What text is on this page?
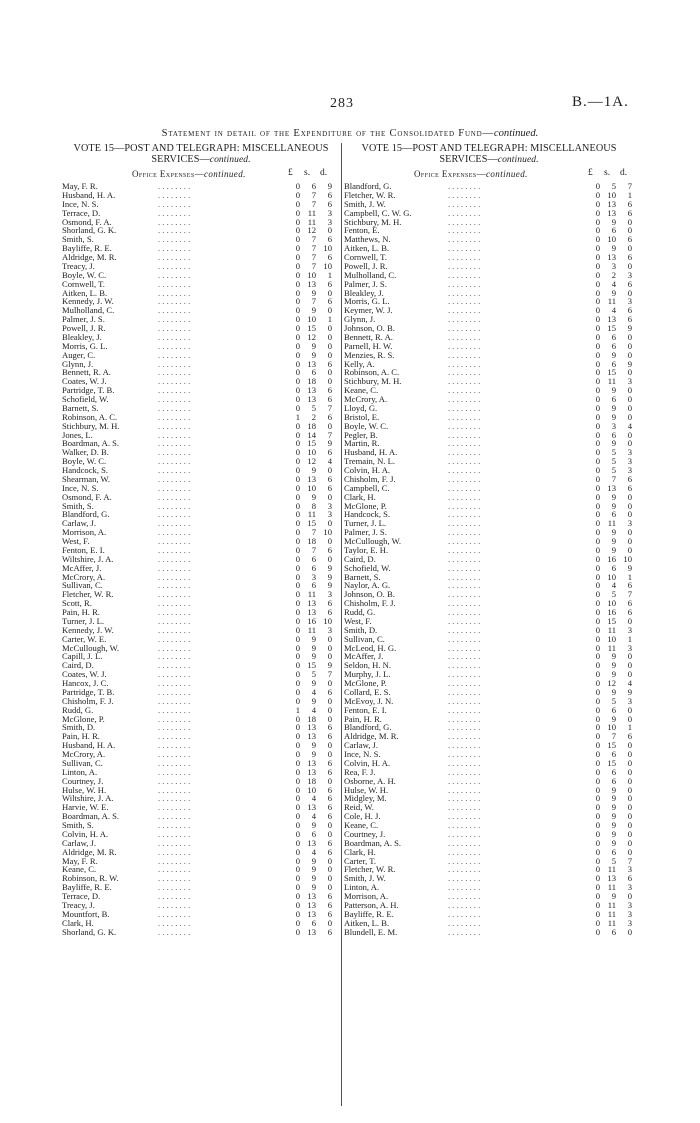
283	B.—1A.
Statement in detail of the Expenditure of the Consolidated Fund—continued.
VOTE 15—POST AND TELEGRAPH: MISCELLANEOUS SERVICES—continued.
Office Expenses—continued.	£ s. d.
May, F. R.	0	6	9
. . . . . . . .
Husband, H. A.	0	7	6
. . . . . . . .
Ince, N. S.	0	7	6
. . . . . . . .
Terrace, D.	0 11	3
. . . . . . . .
Osmond, F. A.	0 11	3
. . . . . . . .
Shorland, G. K.	0 12	0
. . . . . . . .
Smith, S.	0	7	6
. . . . . . . .
Bayliffe, R. E.	0	7 10
. . . . . . . .
Aldridge, M. R.	0	7	6
. . . . . . . .
Treacy, J.	0	7 10
. . . . . . . .
Boyle, W. C.	0 10	1
. . . . . . . .
Cornwell, T.	0 13	6
. . . . . . . .
Aitken, L. B.	0	9	0
. . . . . . . .
Kennedy, J. W.	0	7	6
. . . . . . . .
Mulholland, C.	0	9	0
. . . . . . . .
Palmer, J. S.	0 10	1
. . . . . . . .
Powell, J. R.	0 15	0
. . . . . . . .
Bleakley, J.	0 12	0
. . . . . . . .
Morris, G. L.	0	9	0
. . . . . . . .
Auger, C.	0	9	0
. . . . . . . .
Glynn, J.	0 13	6
. . . . . . . .
Bennett, R. A.	0	6	0
. . . . . . . .
Coates, W. J.	0 18	0
. . . . . . . .
Partridge, T. B.	0 13	6
. . . . . . . .
Schofield, W.	0 13	6
. . . . . . . .
Barnett, S.	0	5	7
. . . . . . . .
Robinson, A. C.	1	2	6
. . . . . . . .
Stichbury, M. H.	0 18	0
. . . . . . . .
Jones, L.	0 14	7
. . . . . . . .
Boardman, A. S.	0 15	9
. . . . . . . .
Walker, D. B.	0 10	6
. . . . . . . .
Boyle, W. C.	0 12	4
. . . . . . . .
Handcock, S.	0	9	0
. . . . . . . .
Shearman, W.	0 13	6
. . . . . . . .
Ince, N. S.	0 10	6
. . . . . . . .
Osmond, F. A.	0	9	0
. . . . . . . .
Smith, S.	0	8	3
. . . . . . . .
Blandford, G.	0 11	3
. . . . . . . .
Carlaw, J.	0 15	0
. . . . . . . .
Morrison, A.	0	7 10
. . . . . . . .
West, F.	0 18	0
. . . . . . . .
Fenton, E. I.	0	7	6
. . . . . . . .
Wiltshire, J. A.	0	6	0
. . . . . . . .
McAffer, J.	0	6	9
. . . . . . . .
McCrory, A.	0	3	9
. . . . . . . .
Sullivan, C.	0	6	9
. . . . . . . .
Fletcher, W. R.	0 11	3
. . . . . . . .
Scott, R.	0 13	6
. . . . . . . .
Pain, H. R.	0 13	6
. . . . . . . .
Turner, J. L.	0 16 10
. . . . . . . .
Kennedy, J. W.	0 11	3
. . . . . . . .
Carter, W. E.	0	9	0
. . . . . . . .
McCullough, W.	0	9	0
. . . . . . . .
Capill, J. L.	0	9	0
. . . . . . . .
Caird, D.	0 15	9
. . . . . . . .
Coates, W. J.	0	5	7
. . . . . . . .
Hancox, J. C.	0	9	0
. . . . . . . .
Partridge, T. B.	0	4	6
. . . . . . . .
Chisholm, F. J.	0	9	0
. . . . . . . .
Rudd, G.	1	4	0
. . . . . . . .
McGlone, P.	0 18	0
. . . . . . . .
Smith, D.	0 13	6
. . . . . . . .
Pain, H. R.	0 13	6
. . . . . . . .
Husband, H. A.	0	9	0
. . . . . . . .
McCrory, A.	0	9	0
. . . . . . . .
Sullivan, C.	0 13	6
. . . . . . . .
Linton, A.	0 13	6
. . . . . . . .
Courtney, J.	0 18	0
. . . . . . . .
Hulse, W. H.	0 10	6
. . . . . . . .
Wiltshire, J. A.	0	4	6
. . . . . . . .
Harvie, W. E.	0 13	6
. . . . . . . .
Boardman, A. S.	0	4	6
. . . . . . . .
Smith, S.	0	9	0
. . . . . . . .
Colvin, H. A.	0	6	0
. . . . . . . .
Carlaw, J.	0 13	6
. . . . . . . .
Aldridge, M. R.	0	4	6
. . . . . . . .
May, F. R.	0	9	0
. . . . . . . .
Keane, C.	0	9	0
. . . . . . . .
Robinson, R. W.	0	9	0
. . . . . . . .
Bayliffe, R. E.	0	9	0
. . . . . . . .
Terrace, D.	0 13	6
. . . . . . . .
Treacy, J.	0 13	6
. . . . . . . .
Mountfort, B.	0 13	6
. . . . . . . .
Clark, H.	0	6	0
. . . . . . . .
Shorland, G. K.	0 13	6
. . . . . . . .
VOTE 15—POST AND TELEGRAPH: MISCELLANEOUS SERVICES—continued.
Office Expenses—continued.	£ s. d.
Blandford, G.	0	5	7
. . . . . . . .
Fletcher, W. R.	0 10	1
. . . . . . . .
Smith, J. W.	0 13	6
. . . . . . . .
Campbell, C. W. G.	0 13	6
. . . . . . . .
Stichbury, M. H.	0	9	0
. . . . . . . .
Fenton, E.	0	6	0
. . . . . . . .
Matthews, N.	0 10	6
. . . . . . . .
Aitken, L. B.	0	9	0
. . . . . . . .
Cornwell, T.	0 13	6
. . . . . . . .
Powell, J. R.	0	3	0
. . . . . . . .
Mulholland, C.	0	2	3
. . . . . . . .
Palmer, J. S.	0	4	6
. . . . . . . .
Bleakley, J.	0	9	0
. . . . . . . .
Morris, G. L.	0 11	3
. . . . . . . .
Keymer, W. J.	0	4	6
. . . . . . . .
Glynn, J.	0 13	6
. . . . . . . .
Johnson, O. B.	0 15	9
. . . . . . . .
Bennett, R. A.	0	6	0
. . . . . . . .
Parnell, H. W.	0	6	0
. . . . . . . .
Menzies, R. S.	0	9	0
. . . . . . . .
Kelly, A.	0	6	9
. . . . . . . .
Robinson, A. C.	0 15	0
. . . . . . . .
Stichbury, M. H.	0 11	3
. . . . . . . .
Keane, C.	0	9	0
. . . . . . . .
McCrory, A.	0	6	0
. . . . . . . .
Lloyd, G.	0	9	0
. . . . . . . .
Bristol, E.	0	9	0
. . . . . . . .
Boyle, W. C.	0	3	4
. . . . . . . .
Pegler, B.	0	6	0
. . . . . . . .
Martin, R.	0	9	0
. . . . . . . .
Husband, H. A.	0	5	3
. . . . . . . .
Tremain, N. L.	0	5	3
. . . . . . . .
Colvin, H. A.	0	5	3
. . . . . . . .
Chisholm, F. J.	0	7	6
. . . . . . . .
Campbell, C.	0 13	6
. . . . . . . .
Clark, H.	0	9	0
. . . . . . . .
McGlone, P.	0	9	0
. . . . . . . .
Handcock, S.	0	6	0
. . . . . . . .
Turner, J. L.	0 11	3
. . . . . . . .
Palmer, J. S.	0	9	0
. . . . . . . .
McCullough, W.	0	9	0
. . . . . . . .
Taylor, E. H.	0	9	0
. . . . . . . .
Caird, D.	0 16 10
. . . . . . . .
Schofield, W.	0	6	9
. . . . . . . .
Barnett, S.	0 10	1
. . . . . . . .
Naylor, A. G.	0	4	6
. . . . . . . .
Johnson, O. B.	0	5	7
. . . . . . . .
Chisholm, F. J.	0 10	6
. . . . . . . .
Rudd, G.	0 16	6
. . . . . . . .
West, F.	0 15	0
. . . . . . . .
Smith, D.	0 11	3
. . . . . . . .
Sullivan, C.	0 10	1
. . . . . . . .
McLeod, H. G.	0 11	3
. . . . . . . .
McAffer, J.	0	9	0
. . . . . . . .
Seldon, H. N.	0	9	0
. . . . . . . .
Murphy, J. L.	0	9	0
. . . . . . . .
McGlone, P.	0 12	4
. . . . . . . .
Collard, E. S.	0	9	9
. . . . . . . .
McEvoy, J. N.	0	5	3
. . . . . . . .
Fenton, E. I.	0	6	0
. . . . . . . .
Pain, H. R.	0	9	0
. . . . . . . .
Blandford, G.	0 10	1
. . . . . . . .
Aldridge, M. R.	0	7	6
. . . . . . . .
Carlaw, J.	0 15	0
. . . . . . . .
Ince, N. S.	0	6	0
. . . . . . . .
Colvin, H. A.	0 15	0
. . . . . . . .
Rea, F. J.	0	6	0
. . . . . . . .
Osborne, A. H.	0	6	0
. . . . . . . .
Hulse, W. H.	0	9	0
. . . . . . . .
Midgley, M.	0	9	0
. . . . . . . .
Reid, W.	0	9	0
. . . . . . . .
Cole, H. J.	0	9	0
. . . . . . . .
Keane, C.	0	9	0
. . . . . . . .
Courtney, J.	0	9	0
. . . . . . . .
Boardman, A. S.	0	9	0
. . . . . . . .
Clark, H.	0	6	0
. . . . . . . .
Carter, T.	0	5	7
. . . . . . . .
Fletcher, W. R.	0 11	3
. . . . . . . .
Smith, J. W.	0 13	6
. . . . . . . .
Linton, A.	0 11	3
. . . . . . . .
Morrison, A.	0	9	0
. . . . . . . .
Patterson, A. H.	0 11	3
. . . . . . . .
Bayliffe, R. E.	0 11	3
. . . . . . . .
Aitken, L. B.	0 11	3
. . . . . . . .
Blundell, E. M.	0	6	0
. . . . . . . .
